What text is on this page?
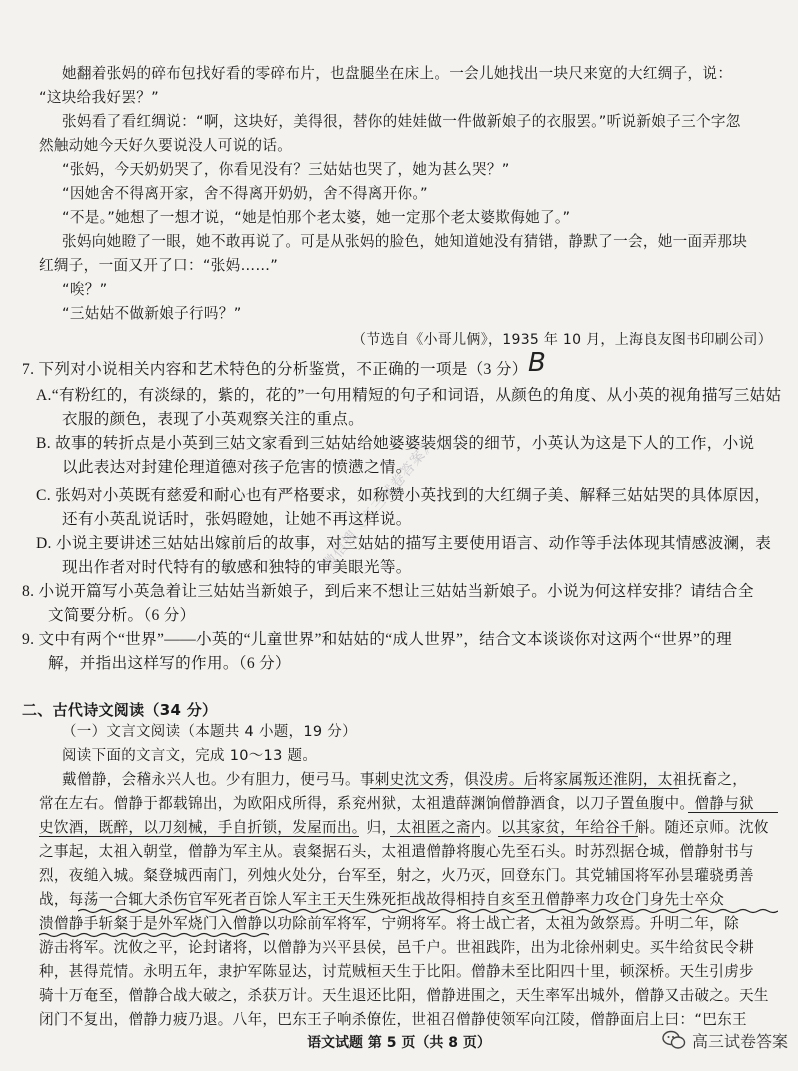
她翻着张妈的碎布包找好看的零碎布片，也盘腿坐在床上。一会儿她找出一块尺来宽的大红绸子，说：
“这块给我好罢？”
张妈看了看红绸说：“啊，这块好，美得很，替你的娃娃做一件做新娘子的衣服罢。”听说新娘子三个字忽
然触动她今天好久要说没人可说的话。
“张妈，今天奶奶哭了，你看见没有？三姑姑也哭了，她为甚么哭？”
“因她舍不得离开家，舍不得离开奶奶，舍不得离开你。”
“不是。”她想了一想才说，“她是怕那个老太婆，她一定那个老太婆欺侮她了。”
张妈向她瞪了一眼，她不敢再说了。可是从张妈的脸色，她知道她没有猜错，静默了一会，她一面弄那块
红绸子，一面又开了口：“张妈……”
“唉？”
“三姑姑不做新娘子行吗？”
（节选自《小哥儿俩》，1935 年 10 月，上海良友图书印刷公司）
7. 下列对小说相关内容和艺术特色的分析鉴赏，不正确的一项是（3 分） B
A.“有粉红的，有淡绿的，紫的，花的”一句用精短的句子和词语，从颜色的角度、从小英的视角描写三姑姑
衣服的颜色，表现了小英观察关注的重点。
B. 故事的转折点是小英到三姑文家看到三姑姑给她婆婆装烟袋的细节，小英认为这是下人的工作，小说
以此表达对封建伦理道德对孩子危害的愤懑之情。
C. 张妈对小英既有慈爱和耐心也有严格要求，如称赞小英找到的大红绸子美、解释三姑姑哭的具体原因，
还有小英乱说话时，张妈瞪她，让她不再这样说。
D. 小说主要讲述三姑姑出嫁前后的故事，对三姑姑的描写主要使用语言、动作等手法体现其情感波澜，表
现出作者对时代特有的敏感和独特的审美眼光等。
8. 小说开篇写小英急着让三姑姑当新娘子，到后来不想让三姑姑当新娘子。小说为何这样安排？请结合全
文简要分析。（6 分）
9. 文中有两个“世界”——小英的“儿童世界”和姑姑的“成人世界”，结合文本谈谈你对这两个“世界”的理
解，并指出这样写的作用。（6 分）
二、古代诗文阅读（34 分）
（一）文言文阅读（本题共 4 小题，19 分）
阅读下面的文言文，完成 10～13 题。
戴僧静，会稽永兴人也。少有胆力，便弓马。事刺史沈文秀，俱没虏。后将家属叛还淮阴，太祖抚畜之，
常在左右。僧静于都载锦出，为欧阳戍所得，系兖州狱，太祖遣薛渊饷僧静酒食，以刀子置鱼腹中。僧静与狱
史饮酒，既醉，以刀刻械，手自折锁，发屋而出。归，太祖匿之斋内。以其家贫，年给谷千斛。随还京师。沈攸
之事起，太祖入朝堂，僧静为军主从。袁粲据石头，太祖遣僧静将腹心先至石头。时苏烈据仓城，僧静射书与
烈，夜缒入城。粲登城西南门，列烛火处分，台军至，射之，火乃灭，回登东门。其党辅国将军孙昙瓘骁勇善
战，每荡一合辄大杀伤官军死者百馀人军主王天生殊死拒战故得相持自亥至丑僧静率力攻仓门身先士卒众
溃僧静手斩粲于是外军烧门入僧静以功除前军将军，宁朔将军。将士战亡者，太祖为敛祭焉。升明二年，除
游击将军。沈攸之平，论封诸将，以僧静为兴平县侯，邑千户。世祖践阼，出为北徐州刺史。买牛给贫民令耕
种，甚得荒情。永明五年，隶护军陈显达，讨荒贼桓天生于比阳。僧静未至比阳四十里，顿深桥。天生引虏步
骑十万奄至，僧静合战大破之，杀获万计。天生退还比阳，僧静进围之，天生率军出城外，僧静又击破之。天生
闭门不复出，僧静力疲乃退。八年，巴东王子响杀僚佐，世祖召僧静使领军向江陵，僧静面启上曰：“巴东王
微信搜《高三试卷答案》
语文试题 第 5 页（共 8 页）	高三试卷答案
